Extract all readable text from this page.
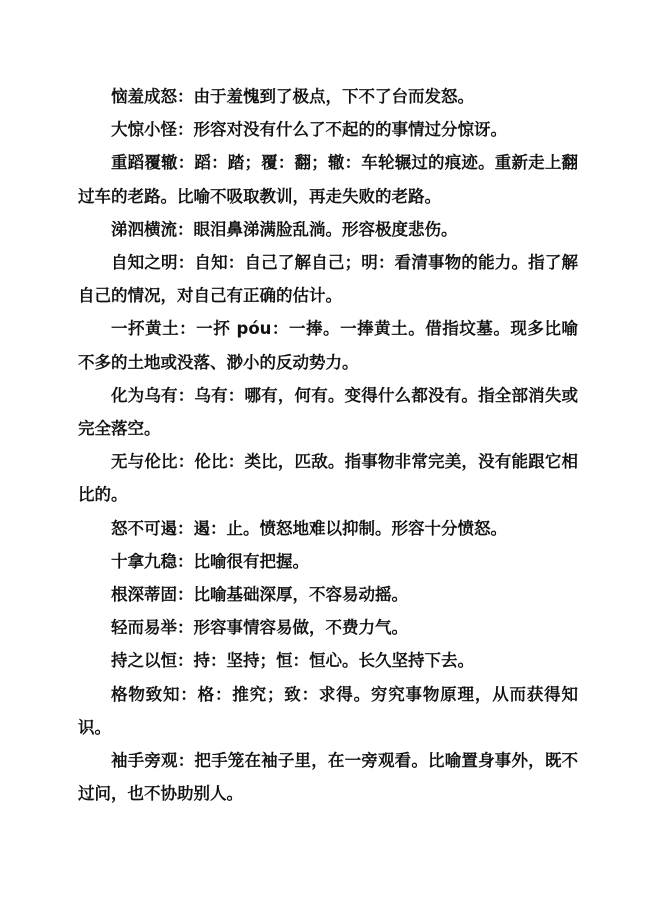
恼羞成怒：由于羞愧到了极点，下不了台而发怒。

大惊小怪：形容对没有什么了不起的的事情过分惊讶。

重蹈覆辙：蹈：踏；覆：翻；辙：车轮辗过的痕迹。重新走上翻过车的老路。比喻不吸取教训，再走失败的老路。

涕泗横流：眼泪鼻涕满脸乱淌。形容极度悲伤。

自知之明：自知：自己了解自己；明：看清事物的能力。指了解自己的情况，对自己有正确的估计。

一抔黄土：一抔 póu：一捧。一捧黄土。借指坟墓。现多比喻不多的土地或没落、渺小的反动势力。

化为乌有：乌有：哪有，何有。变得什么都没有。指全部消失或完全落空。

无与伦比：伦比：类比，匹敌。指事物非常完美，没有能跟它相比的。

怒不可遏：遏：止。愤怒地难以抑制。形容十分愤怒。

十拿九稳：比喻很有把握。

根深蒂固：比喻基础深厚，不容易动摇。

轻而易举：形容事情容易做，不费力气。

持之以恒：持：坚持；恒：恒心。长久坚持下去。

格物致知：格：推究；致：求得。穷究事物原理，从而获得知识。

袖手旁观：把手笼在袖子里，在一旁观看。比喻置身事外，既不过问，也不协助别人。
